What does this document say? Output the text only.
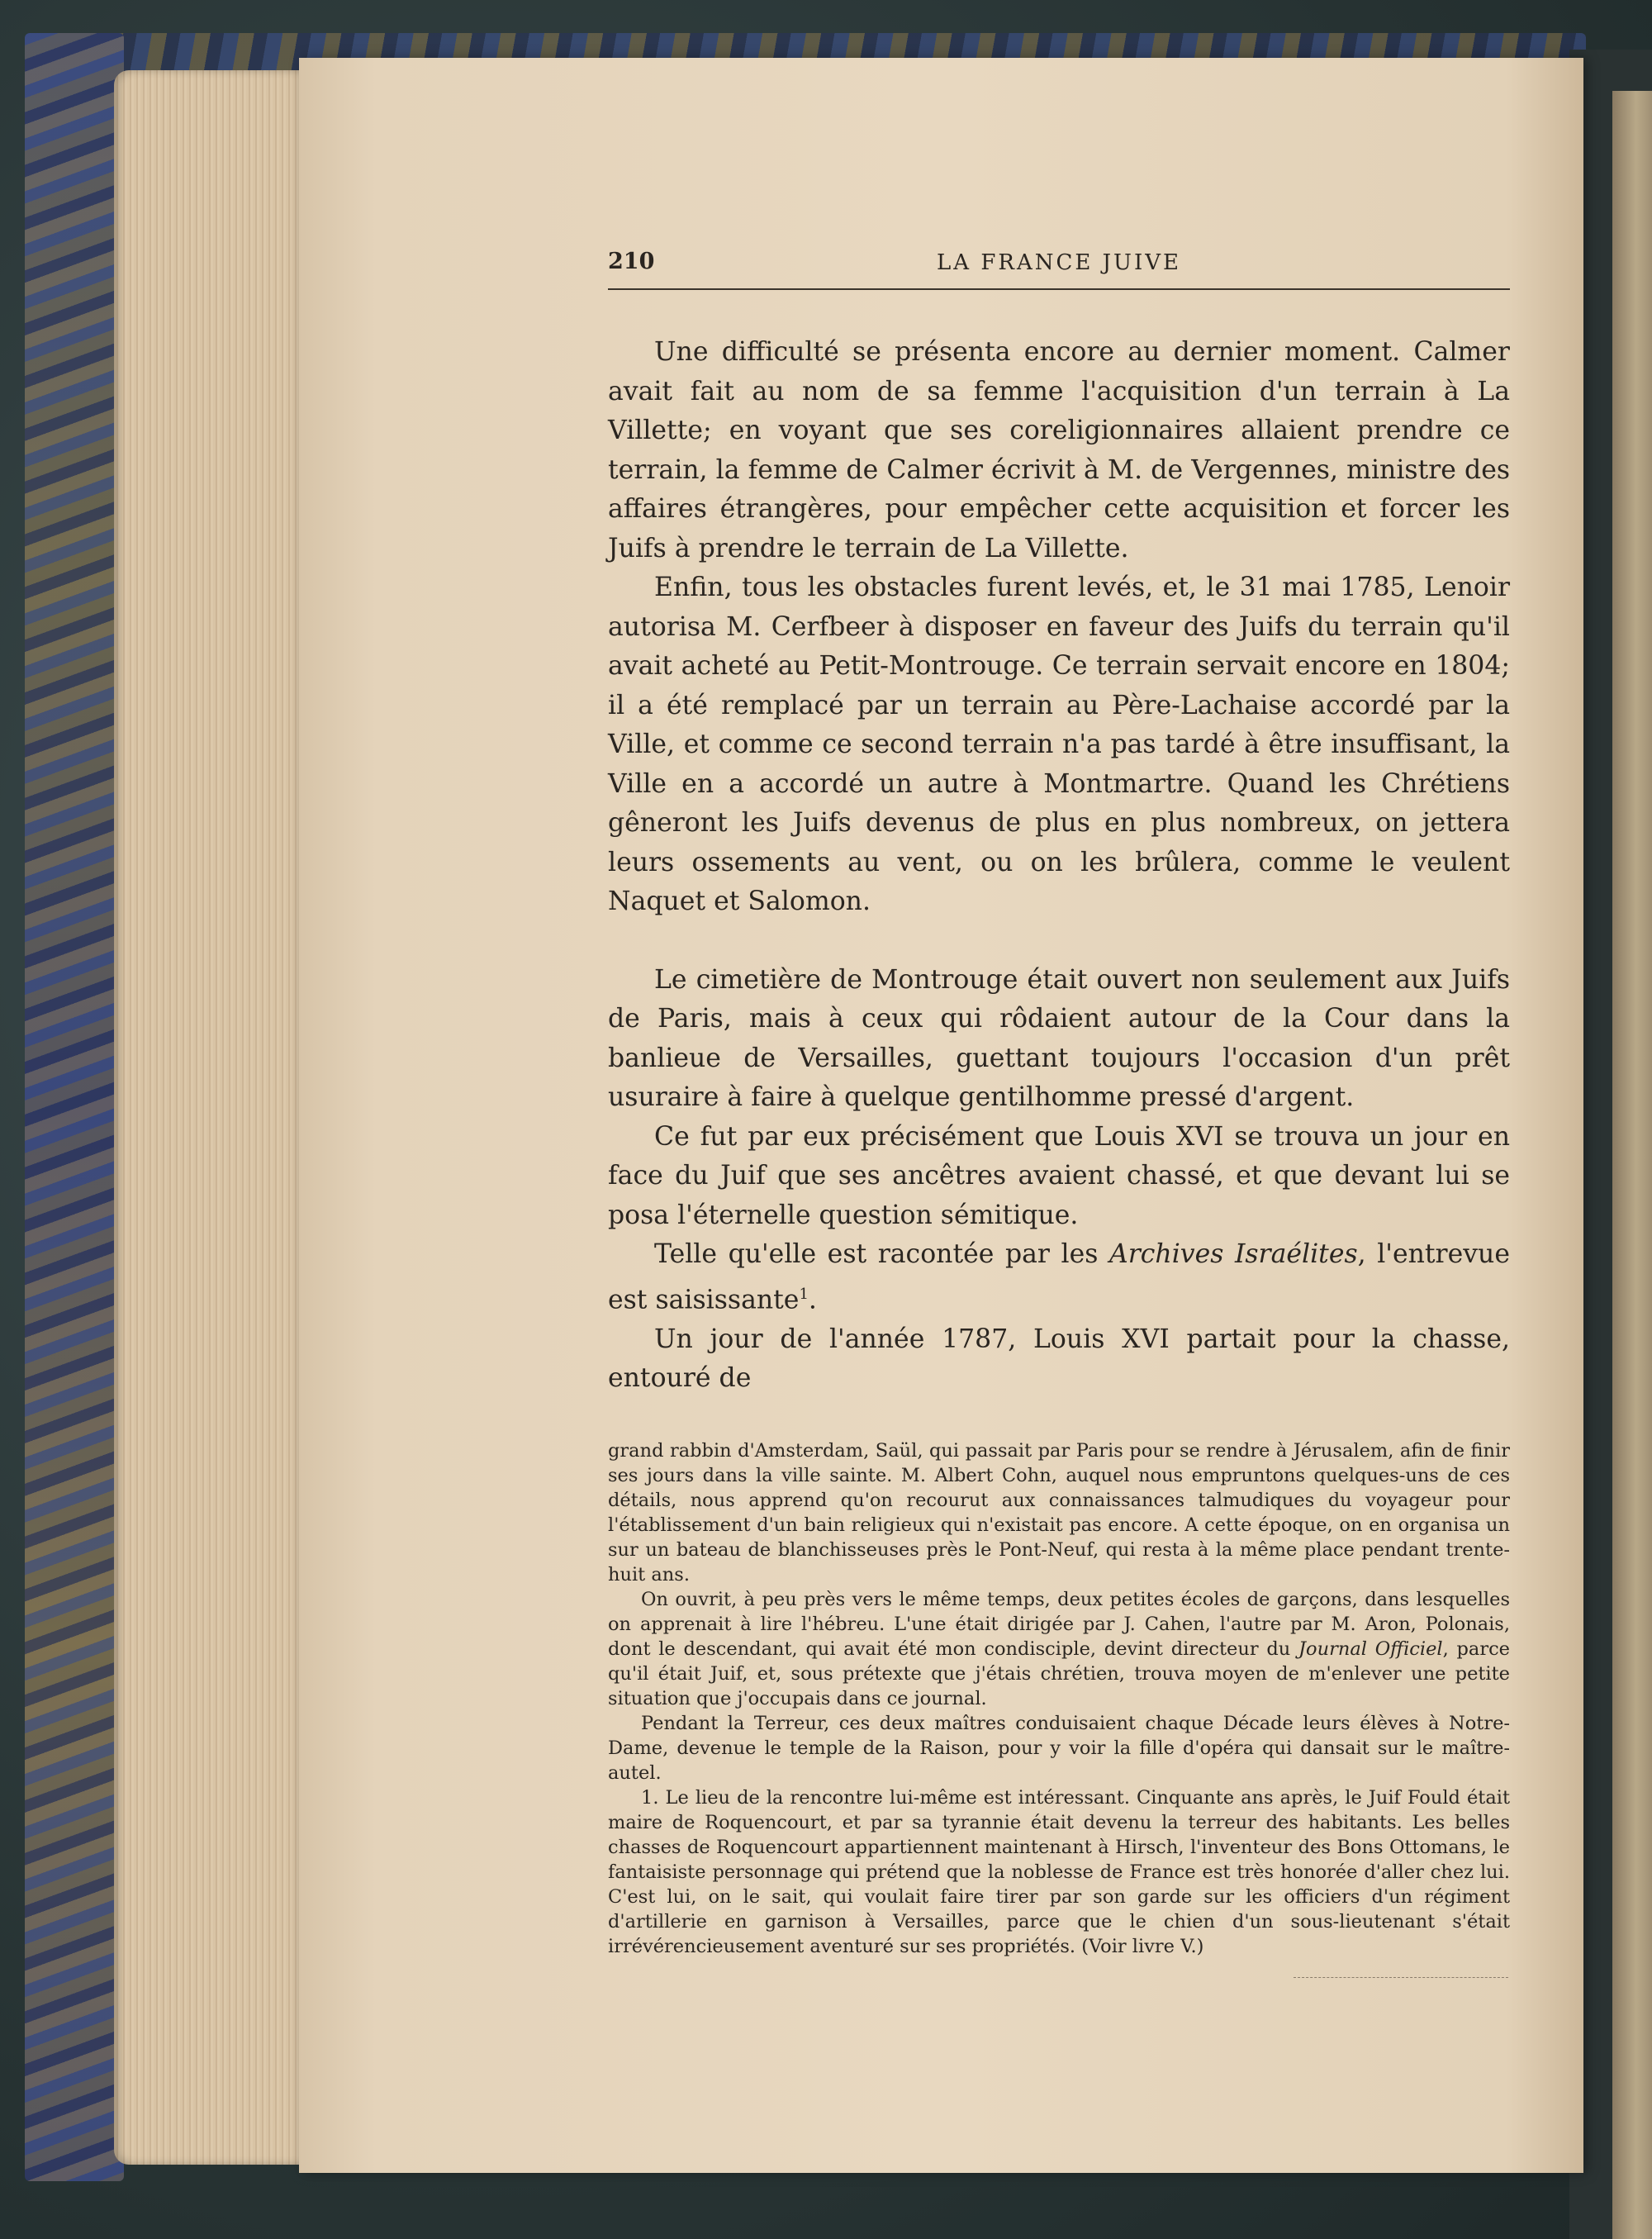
210	LA FRANCE JUIVE

Une difficulté se présenta encore au dernier moment. Calmer avait fait au nom de sa femme l'acquisition d'un terrain à La Villette; en voyant que ses coreligionnaires allaient prendre ce terrain, la femme de Calmer écrivit à M. de Vergennes, ministre des affaires étrangères, pour empêcher cette acquisition et forcer les Juifs à prendre le terrain de La Villette.

Enfin, tous les obstacles furent levés, et, le 31 mai 1785, Lenoir autorisa M. Cerfbeer à disposer en faveur des Juifs du terrain qu'il avait acheté au Petit-Montrouge. Ce terrain servait encore en 1804; il a été remplacé par un terrain au Père-Lachaise accordé par la Ville, et comme ce second terrain n'a pas tardé à être insuffisant, la Ville en a accordé un autre à Montmartre. Quand les Chrétiens gêneront les Juifs devenus de plus en plus nombreux, on jettera leurs ossements au vent, ou on les brûlera, comme le veulent Naquet et Salomon.

Le cimetière de Montrouge était ouvert non seulement aux Juifs de Paris, mais à ceux qui rôdaient autour de la Cour dans la banlieue de Versailles, guettant toujours l'occasion d'un prêt usuraire à faire à quelque gentilhomme pressé d'argent.

Ce fut par eux précisément que Louis XVI se trouva un jour en face du Juif que ses ancêtres avaient chassé, et que devant lui se posa l'éternelle question sémitique.

Telle qu'elle est racontée par les Archives Israélites, l'entrevue est saisissante$^1$.

Un jour de l'année 1787, Louis XVI partait pour la chasse, entouré de

grand rabbin d'Amsterdam, Saül, qui passait par Paris pour se rendre à Jérusalem, afin de finir ses jours dans la ville sainte. M. Albert Cohn, auquel nous empruntons quelques-uns de ces détails, nous apprend qu'on recourut aux connaissances talmudiques du voyageur pour l'établissement d'un bain religieux qui n'existait pas encore. A cette époque, on en organisa un sur un bateau de blanchisseuses près le Pont-Neuf, qui resta à la même place pendant trente-huit ans.

On ouvrit, à peu près vers le même temps, deux petites écoles de garçons, dans lesquelles on apprenait à lire l'hébreu. L'une était dirigée par J. Cahen, l'autre par M. Aron, Polonais, dont le descendant, qui avait été mon condisciple, devint directeur du Journal Officiel, parce qu'il était Juif, et, sous prétexte que j'étais chrétien, trouva moyen de m'enlever une petite situation que j'occupais dans ce journal.

Pendant la Terreur, ces deux maîtres conduisaient chaque Décade leurs élèves à Notre-Dame, devenue le temple de la Raison, pour y voir la fille d'opéra qui dansait sur le maître-autel.

1. Le lieu de la rencontre lui-même est intéressant. Cinquante ans après, le Juif Fould était maire de Roquencourt, et par sa tyrannie était devenu la terreur des habitants. Les belles chasses de Roquencourt appartiennent maintenant à Hirsch, l'inventeur des Bons Ottomans, le fantaisiste personnage qui prétend que la noblesse de France est très honorée d'aller chez lui. C'est lui, on le sait, qui voulait faire tirer par son garde sur les officiers d'un régiment d'artillerie en garnison à Versailles, parce que le chien d'un sous-lieutenant s'était irrévérencieusement aventuré sur ses propriétés. (Voir livre V.)
